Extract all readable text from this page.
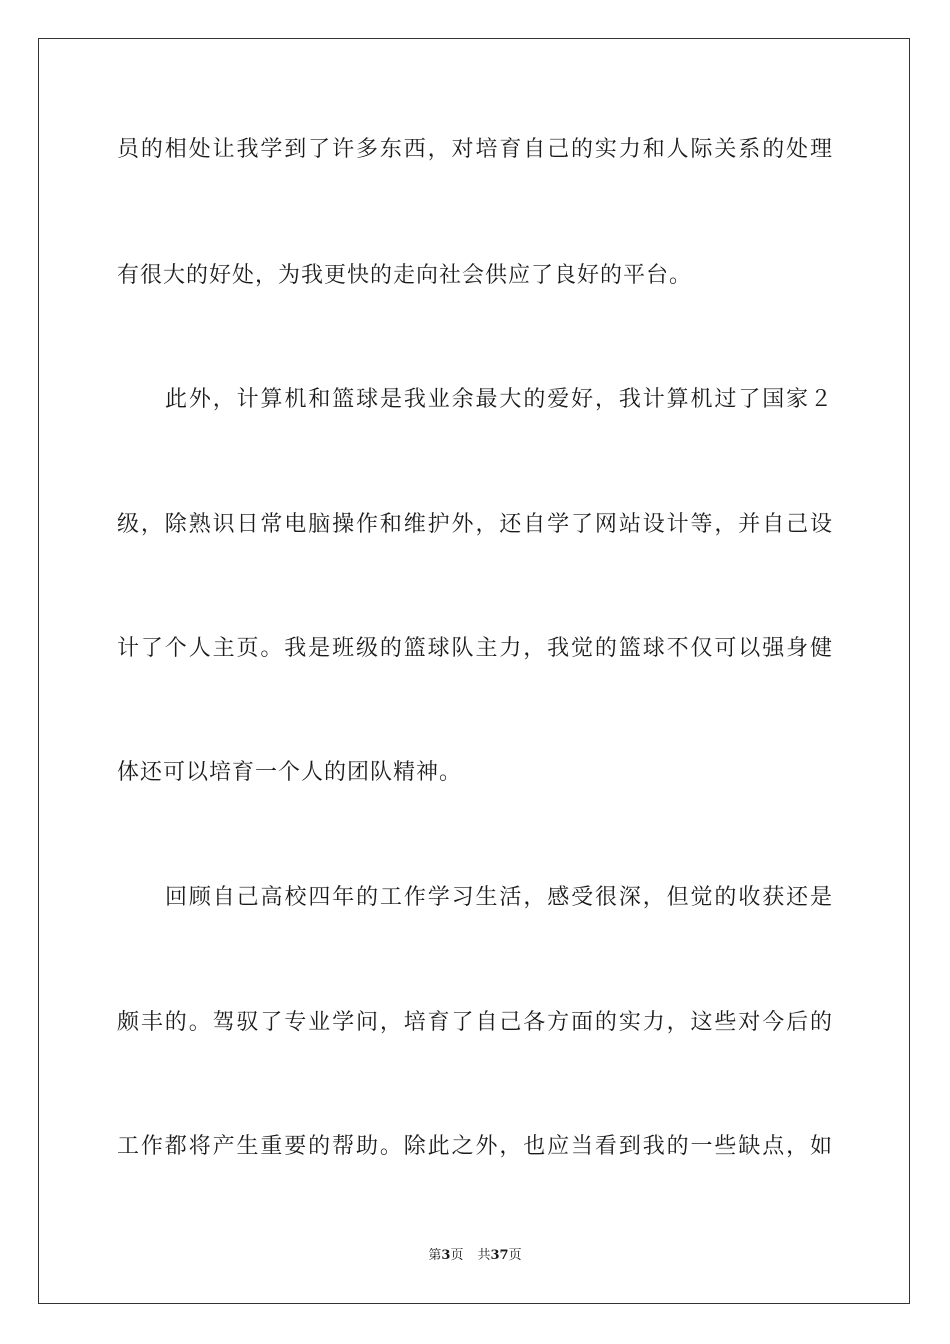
员的相处让我学到了许多东西，对培育自己的实力和人际关系的处理
有很大的好处，为我更快的走向社会供应了良好的平台。
此外，计算机和篮球是我业余最大的爱好，我计算机过了国家２
级，除熟识日常电脑操作和维护外，还自学了网站设计等，并自己设
计了个人主页。我是班级的篮球队主力，我觉的篮球不仅可以强身健
体还可以培育一个人的团队精神。
回顾自己高校四年的工作学习生活，感受很深，但觉的收获还是
颇丰的。驾驭了专业学问，培育了自己各方面的实力，这些对今后的
工作都将产生重要的帮助。除此之外，也应当看到我的一些缺点，如
第3页 共37页
